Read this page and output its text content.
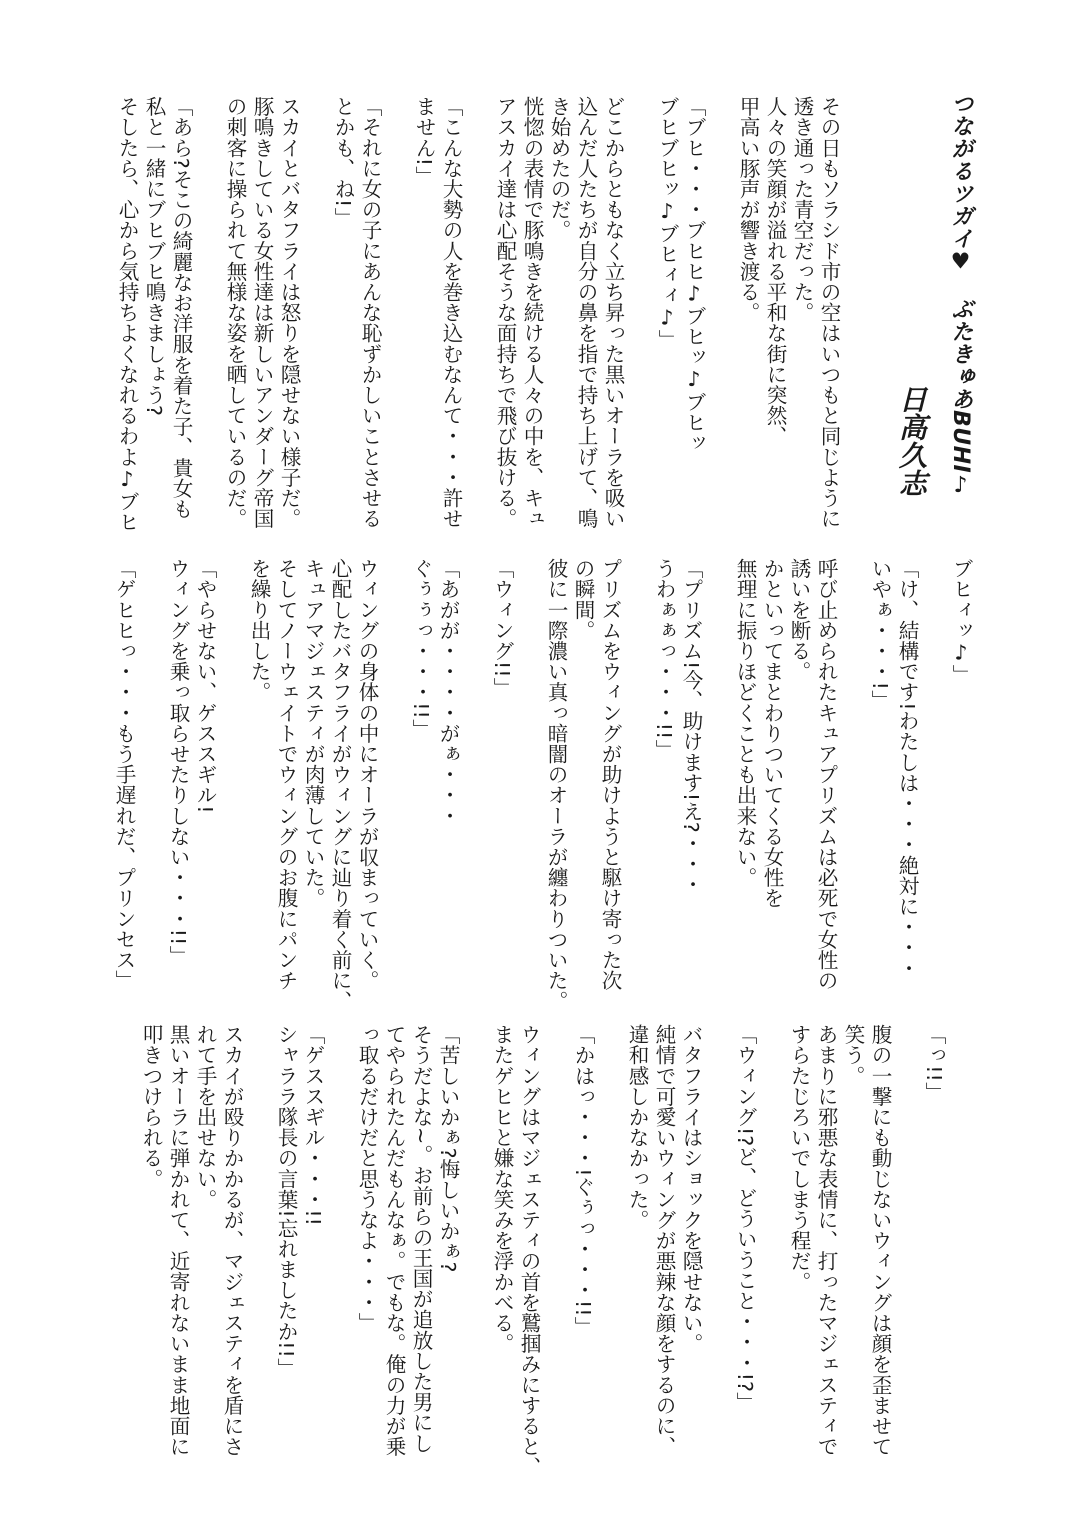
つながるツガイ♥　ぶたきゅあBUHI♪
日高久志
その日もソラシド市の空はいつもと同じように
透き通った青空だった。
人々の笑顔が溢れる平和な街に突然、
甲高い豚声が響き渡る。
「ブヒ・・・ブヒヒ♪ブヒッ♪ブヒッ
ブヒブヒッ♪ブヒィィ♪」
どこからともなく立ち昇った黒いオーラを吸い
込んだ人たちが自分の鼻を指で持ち上げて、鳴
き始めたのだ。
恍惚の表情で豚鳴きを続ける人々の中を、キュ
アスカイ達は心配そうな面持ちで飛び抜ける。
「こんな大勢の人を巻き込むなんて・・・許せ
ません!」
「それに女の子にあんな恥ずかしいことさせる
とかも、ね!」
スカイとバタフライは怒りを隠せない様子だ。
豚鳴きしている女性達は新しいアンダーグ帝国
の刺客に操られて無様な姿を晒しているのだ。
「あら?そこの綺麗なお洋服を着た子、貴女も
私と一緒にブヒブヒ鳴きましょう?
そしたら、心から気持ちよくなれるわよ♪ブヒ
ブヒィッ♪」
「け、結構です!わたしは・・・絶対に・・・
いやぁ・・・!」
呼び止められたキュアプリズムは必死で女性の
誘いを断る。
かといってまとわりついてくる女性を
無理に振りほどくことも出来ない。
「プリズム!今、助けます!え?・・・
うわぁぁっ・・・!!」
プリズムをウィングが助けようと駆け寄った次
の瞬間。
彼に一際濃い真っ暗闇のオーラが纏わりついた。
「ウィング!!」
「あがが・・・・がぁ・・・
ぐぅぅっ・・・!!」
ウィングの身体の中にオーラが収まっていく。
心配したバタフライがウィングに辿り着く前に、
キュアマジェスティが肉薄していた。
そしてノーウェイトでウィングのお腹にパンチ
を繰り出した。
「やらせない、ゲススギル!
ウィングを乗っ取らせたりしない・・・!!」
「ゲヒヒっ・・・もう手遅れだ、プリンセス」
「っ!!」
腹の一撃にも動じないウィングは顔を歪ませて
笑う。
あまりに邪悪な表情に、打ったマジェスティで
すらたじろいでしまう程だ。
「ウィング!?ど、どういうこと・・・!?」
バタフライはショックを隠せない。
純情で可愛いウィングが悪辣な顔をするのに、
違和感しかなかった。
「かはっ・・・!ぐぅっ・・・!!」
ウィングはマジェスティの首を鷲掴みにすると、
またゲヒヒと嫌な笑みを浮かべる。
「苦しいかぁ?悔しいかぁ?
そうだよな~。お前らの王国が追放した男にし
てやられたんだもんなぁ。でもな。俺の力が乗
っ取るだけだと思うなよ・・・」
「ゲススギル・・・!!
シャララ隊長の言葉!忘れましたか!!」
スカイが殴りかかるが、マジェスティを盾にさ
れて手を出せない。
黒いオーラに弾かれて、近寄れないまま地面に
叩きつけられる。
